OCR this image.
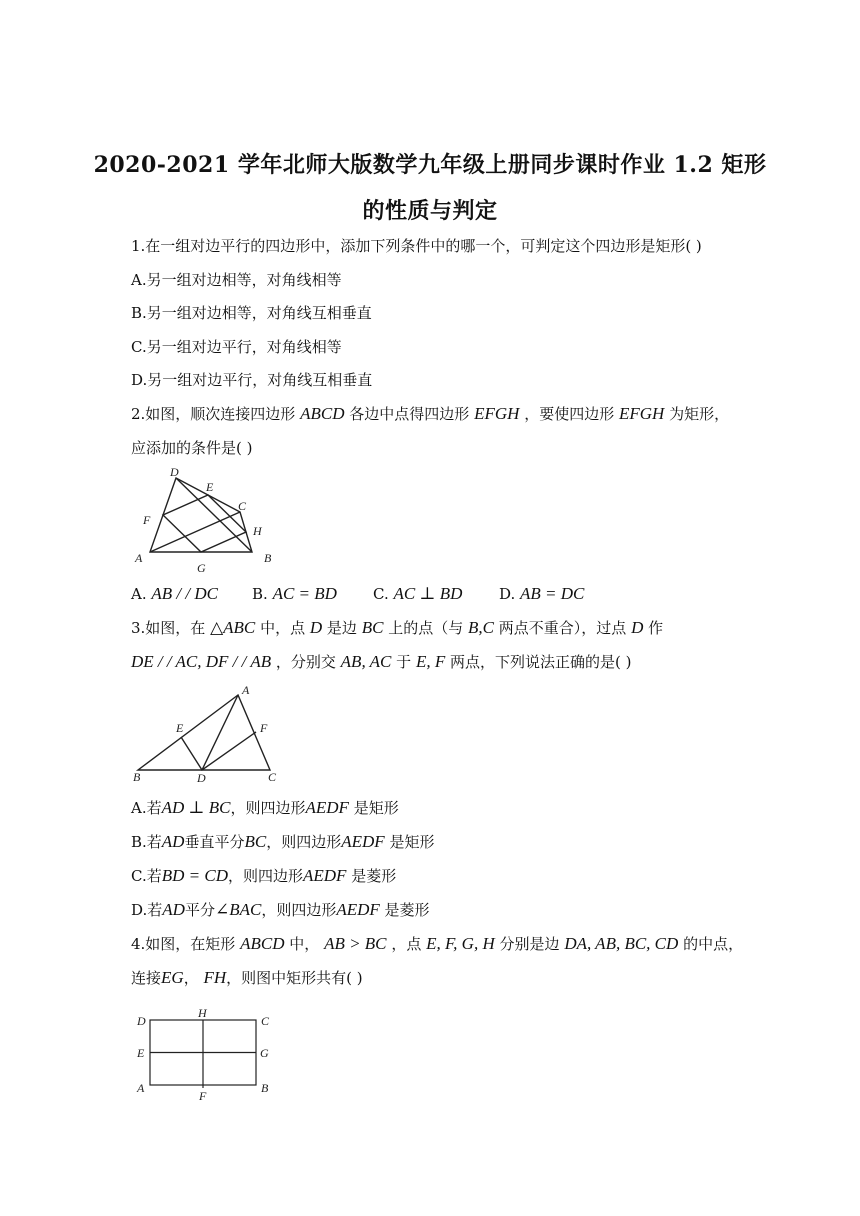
2020-2021 学年北师大版数学九年级上册同步课时作业 1.2 矩形
的性质与判定
1.在一组对边平行的四边形中，添加下列条件中的哪一个，可判定这个四边形是矩形( )
A.另一组对边相等，对角线相等
B.另一组对边相等，对角线互相垂直
C.另一组对边平行，对角线相等
D.另一组对边平行，对角线互相垂直
2.如图，顺次连接四边形 ABCD 各边中点得四边形 EFGH ，要使四边形 EFGH 为矩形，
应添加的条件是( )
D
E
C
F
H
A	B
G
A. AB / / DC B. AC = BD C. AC ⊥ BD D. AB = DC
3.如图，在 △ABC 中，点 D 是边 BC 上的点（与 B,C 两点不重合），过点 D 作
DE / / AC, DF / / AB ，分别交 AB, AC 于 E, F 两点，下列说法正确的是( )
A
E	F
B	D	C
A.若AD ⊥ BC，则四边形AEDF 是矩形
B.若AD垂直平分BC，则四边形AEDF 是矩形
C.若BD = CD，则四边形AEDF 是菱形
D.若AD平分∠BAC，则四边形AEDF 是菱形
4.如图，在矩形 ABCD 中， AB > BC ，点 E, F, G, H 分别是边 DA, AB, BC, CD 的中点，
连接EG， FH，则图中矩形共有( )
D
H
C
E	G
A	B
F
